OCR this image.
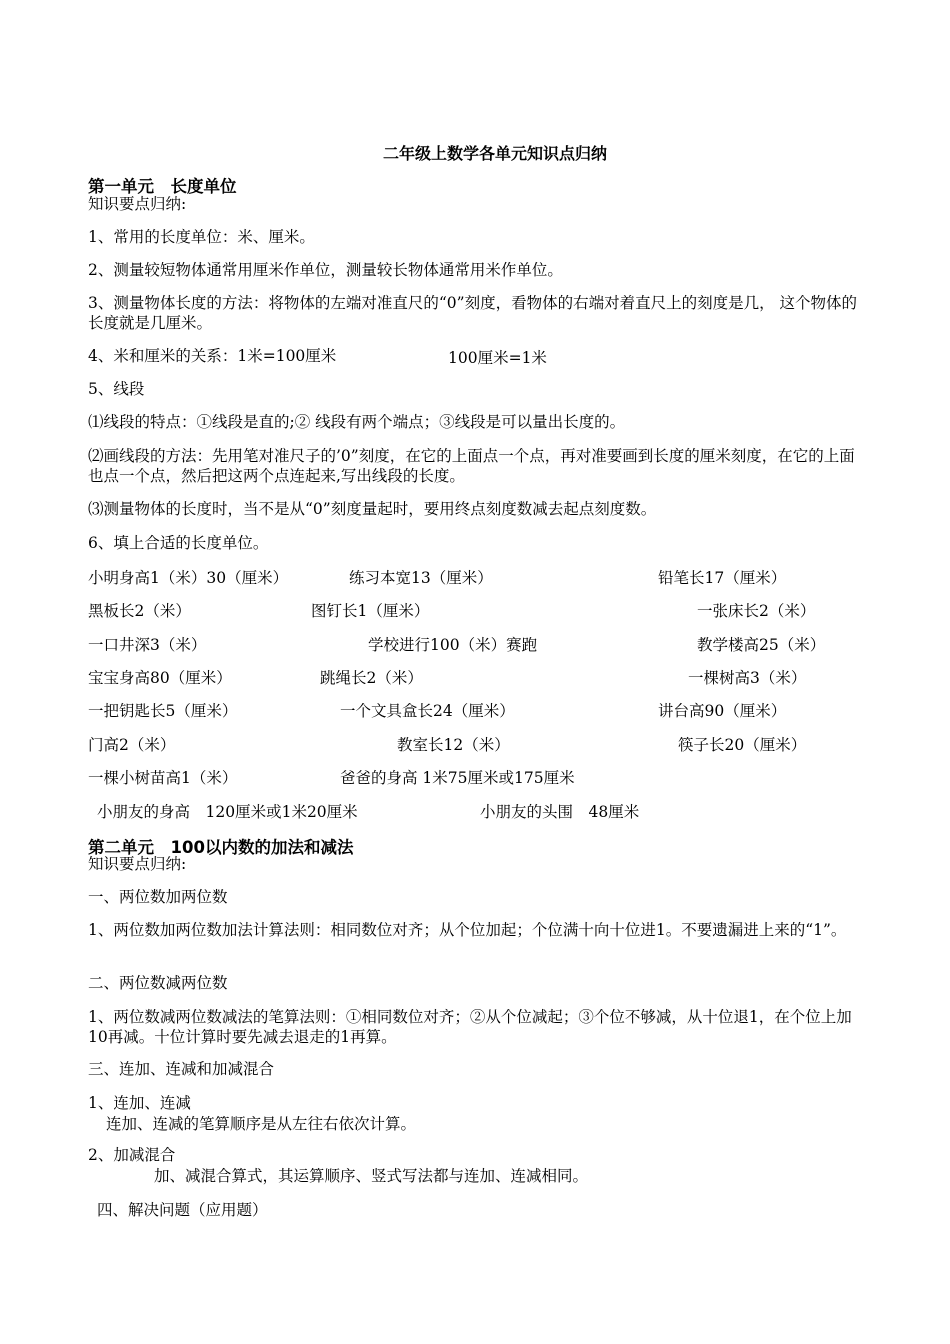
二年级上数学各单元知识点归纳
第一单元　长度单位
知识要点归纳:
1、常用的长度单位：米、厘米。
2、测量较短物体通常用厘米作单位，测量较长物体通常用米作单位。
3、测量物体长度的方法：将物体的左端对准直尺的“0”刻度，看物体的右端对着直尺上的刻度是几， 这个物体的长度就是几厘米。
4、米和厘米的关系：1米=100厘米	100厘米=1米
5、线段
⑴线段的特点：①线段是直的;② 线段有两个端点；③线段是可以量出长度的。
⑵画线段的方法：先用笔对准尺子的’0”刻度，在它的上面点一个点，再对准要画到长度的厘米刻度，在它的上面也点一个点，然后把这两个点连起来,写出线段的长度。
⑶测量物体的长度时，当不是从“0”刻度量起时，要用终点刻度数减去起点刻度数。
6、填上合适的长度单位。
小明身高1（米）30（厘米）	练习本宽13（厘米）	铅笔长17（厘米）
黑板长2（米）	图钉长1（厘米）	一张床长2（米）
一口井深3（米）	学校进行100（米）赛跑	教学楼高25（米）
宝宝身高80（厘米）	跳绳长2（米）	一棵树高3（米）
一把钥匙长5（厘米）	一个文具盒长24（厘米）	讲台高90（厘米）
门高2（米）	教室长12（米）	筷子长20（厘米）
一棵小树苗高1（米）	爸爸的身高 1米75厘米或175厘米
小朋友的身高　120厘米或1米20厘米	小朋友的头围　48厘米
第二单元　100以内数的加法和减法
知识要点归纳:
一、两位数加两位数
1、两位数加两位数加法计算法则：相同数位对齐；从个位加起；个位满十向十位进1。不要遗漏进上来的“1”。
二、两位数减两位数
1、两位数减两位数减法的笔算法则：①相同数位对齐；②从个位减起；③个位不够减，从十位退1，在个位上加10再减。十位计算时要先减去退走的1再算。
三、连加、连减和加减混合
1、连加、连减
连加、连减的笔算顺序是从左往右依次计算。
2、加减混合
加、减混合算式，其运算顺序、竖式写法都与连加、连减相同。
四、解决问题（应用题）
